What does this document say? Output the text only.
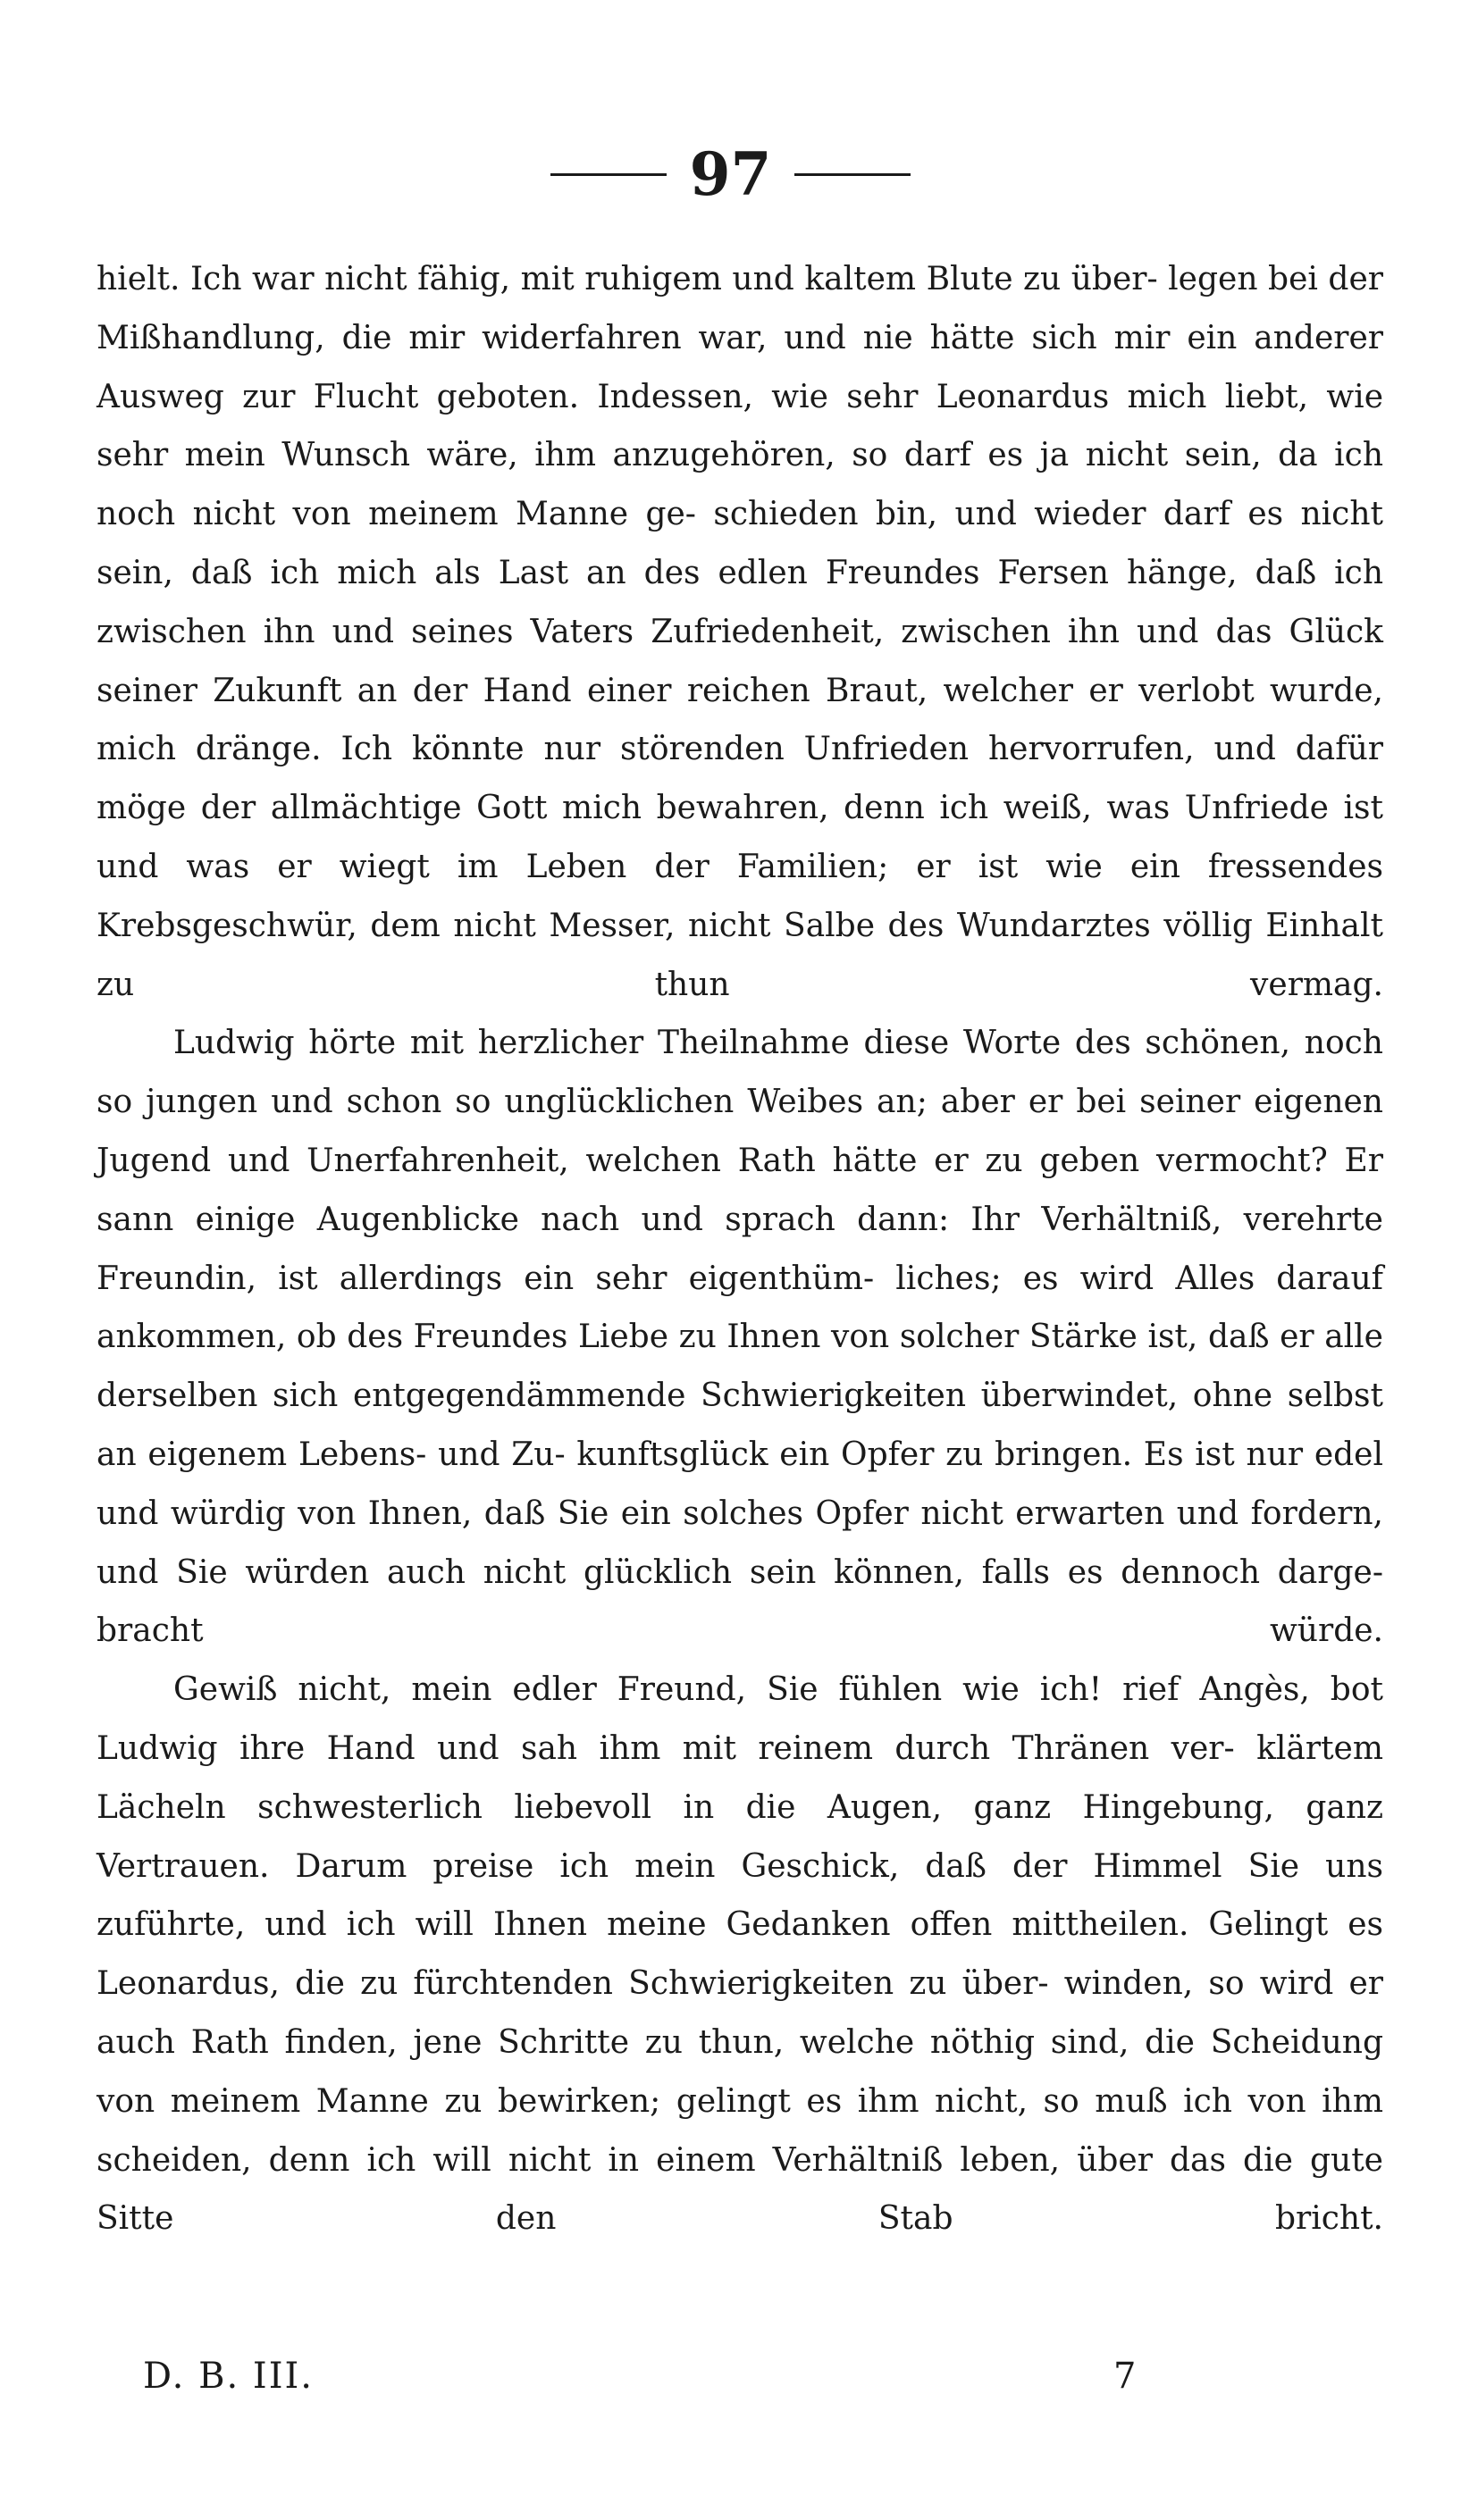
97

hielt. Ich war nicht fähig, mit ruhigem und kaltem Blute zu über- legen bei der Mißhandlung, die mir widerfahren war, und nie hätte sich mir ein anderer Ausweg zur Flucht geboten. Indessen, wie sehr Leonardus mich liebt, wie sehr mein Wunsch wäre, ihm anzugehören, so darf es ja nicht sein, da ich noch nicht von meinem Manne ge- schieden bin, und wieder darf es nicht sein, daß ich mich als Last an des edlen Freundes Fersen hänge, daß ich zwischen ihn und seines Vaters Zufriedenheit, zwischen ihn und das Glück seiner Zukunft an der Hand einer reichen Braut, welcher er verlobt wurde, mich dränge. Ich könnte nur störenden Unfrieden hervorrufen, und dafür möge der allmächtige Gott mich bewahren, denn ich weiß, was Unfriede ist und was er wiegt im Leben der Familien; er ist wie ein fressendes Krebsgeschwür, dem nicht Messer, nicht Salbe des Wundarztes völlig Einhalt zu thun vermag.

Ludwig hörte mit herzlicher Theilnahme diese Worte des schönen, noch so jungen und schon so unglücklichen Weibes an; aber er bei seiner eigenen Jugend und Unerfahrenheit, welchen Rath hätte er zu geben vermocht? Er sann einige Augenblicke nach und sprach dann: Ihr Verhältniß, verehrte Freundin, ist allerdings ein sehr eigenthüm- liches; es wird Alles darauf ankommen, ob des Freundes Liebe zu Ihnen von solcher Stärke ist, daß er alle derselben sich entgegendämmende Schwierigkeiten überwindet, ohne selbst an eigenem Lebens- und Zu- kunftsglück ein Opfer zu bringen. Es ist nur edel und würdig von Ihnen, daß Sie ein solches Opfer nicht erwarten und fordern, und Sie würden auch nicht glücklich sein können, falls es dennoch darge- bracht würde.

Gewiß nicht, mein edler Freund, Sie fühlen wie ich! rief Angès, bot Ludwig ihre Hand und sah ihm mit reinem durch Thränen ver- klärtem Lächeln schwesterlich liebevoll in die Augen, ganz Hingebung, ganz Vertrauen. Darum preise ich mein Geschick, daß der Himmel Sie uns zuführte, und ich will Ihnen meine Gedanken offen mittheilen. Gelingt es Leonardus, die zu fürchtenden Schwierigkeiten zu über- winden, so wird er auch Rath finden, jene Schritte zu thun, welche nöthig sind, die Scheidung von meinem Manne zu bewirken; gelingt es ihm nicht, so muß ich von ihm scheiden, denn ich will nicht in einem Verhältniß leben, über das die gute Sitte den Stab bricht.

D. B. III.	7
